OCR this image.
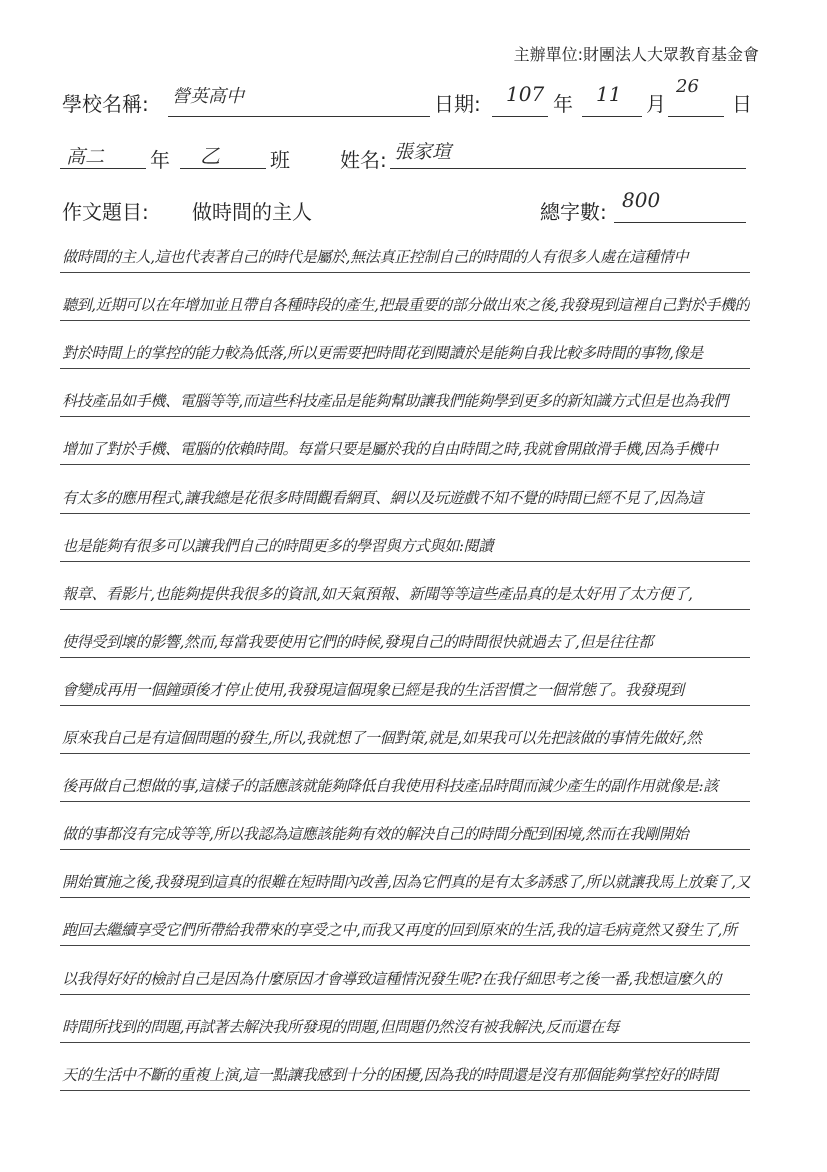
主辦單位:財團法人大眾教育基金會
學校名稱: 營英高中	日期: 107 年 11 月
26
日
高二 年 乙	班	姓名: 張家瑄
作文題目: 做時間的主人	總字數: 800
做時間的主人,這也代表著自己的時代是屬於,無法真正控制自己的時間的人有很多人處在這種情中
聽到,近期可以在年增加並且帶自各種時段的產生,把最重要的部分做出來之後,我發現到這裡自己對於手機的
對於時間上的掌控的能力較為低落,所以更需要把時間花到閱讀於是能夠自我比較多時間的事物,像是
科技產品如手機、電腦等等,而這些科技產品是能夠幫助讓我們能夠學到更多的新知識方式但是也為我們
增加了對於手機、電腦的依賴時間。每當只要是屬於我的自由時間之時,我就會開啟滑手機,因為手機中
有太多的應用程式,讓我總是花很多時間觀看網頁、網以及玩遊戲不知不覺的時間已經不見了,因為這
也是能夠有很多可以讓我們自己的時間更多的學習與方式與如:閱讀
報章、看影片,也能夠提供我很多的資訊,如天氣預報、新聞等等這些產品真的是太好用了太方便了,
使得受到壞的影響,然而,每當我要使用它們的時候,發現自己的時間很快就過去了,但是往往都
會變成再用一個鐘頭後才停止使用,我發現這個現象已經是我的生活習慣之一個常態了。我發現到
原來我自己是有這個問題的發生,所以,我就想了一個對策,就是,如果我可以先把該做的事情先做好,然
後再做自己想做的事,這樣子的話應該就能夠降低自我使用科技產品時間而減少產生的副作用就像是:該
做的事都沒有完成等等,所以我認為這應該能夠有效的解決自己的時間分配到困境,然而在我剛開始
開始實施之後,我發現到這真的很難在短時間內改善,因為它們真的是有太多誘惑了,所以就讓我馬上放棄了,又
跑回去繼續享受它們所帶給我帶來的享受之中,而我又再度的回到原來的生活,我的這毛病竟然又發生了,所
以我得好好的檢討自己是因為什麼原因才會導致這種情況發生呢?在我仔細思考之後一番,我想這麼久的
時間所找到的問題,再試著去解決我所發現的問題,但問題仍然沒有被我解決,反而還在每
天的生活中不斷的重複上演,這一點讓我感到十分的困擾,因為我的時間還是沒有那個能夠掌控好的時間
